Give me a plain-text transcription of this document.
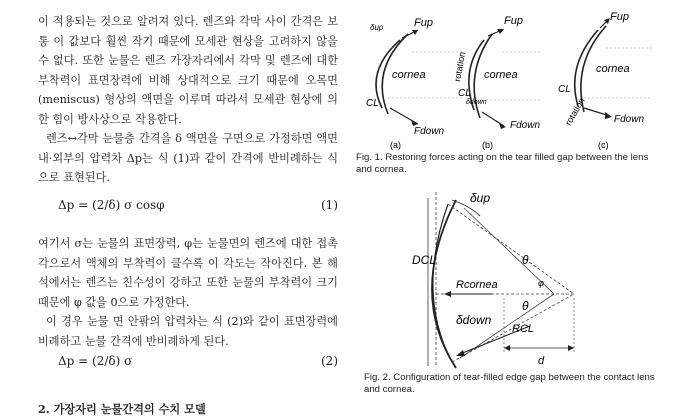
이 적용되는 것으로 알려져 있다. 렌즈와 각막 사이 간격은 보통 이 값보다 훨씬 작기 때문에 모세관 현상을 고려하지 않을 수 없다. 또한 눈물은 렌즈 가장자리에서 각막 및 렌즈에 대한 부착력이 표면장력에 비해 상대적으로 크기 때문에 오목면(meniscus) 형상의 액면을 이루며 따라서 모세관 현상에 의한 힘이 방사상으로 작용한다.

렌즈↔각막 눈물층 간격을 δ 액면을 구면으로 가정하면 액면 내·외부의 압력차 Δp는 식 (1)과 같이 간격에 반비례하는 식으로 표현된다.

Δp = (2/δ) σ cosφ	(1)

여기서 σ는 눈물의 표면장력, φ는 눈물면의 렌즈에 대한 접촉각으로서 액체의 부착력이 클수록 이 각도는 작아진다. 본 해석에서는 렌즈는 친수성이 강하고 또한 눈물의 부착력이 크기 때문에 φ 값을 0으로 가정한다.

이 경우 눈물 면 안팎의 압력차는 식 (2)와 같이 표면장력에 비례하고 눈물 간격에 반비례하게 된다.

Δp = (2/δ) σ	(2)
2. 가장자리 눈물간격의 수치 모델
δup	Fup
cornea
CL
Fdown
(a)
rotation
Fup
cornea
CL
δdown
Fdown
(b)
Fup
cornea
CL
rotation	Fdown
(c)
Fig. 1. Restoring forces acting on the tear filled gap between the lens and cornea.
δup
DCL	θ
Rcornea	φ
θ
δdown
RCL
d
Fig. 2. Configuration of tear-filled edge gap between the contact lens and cornea.
